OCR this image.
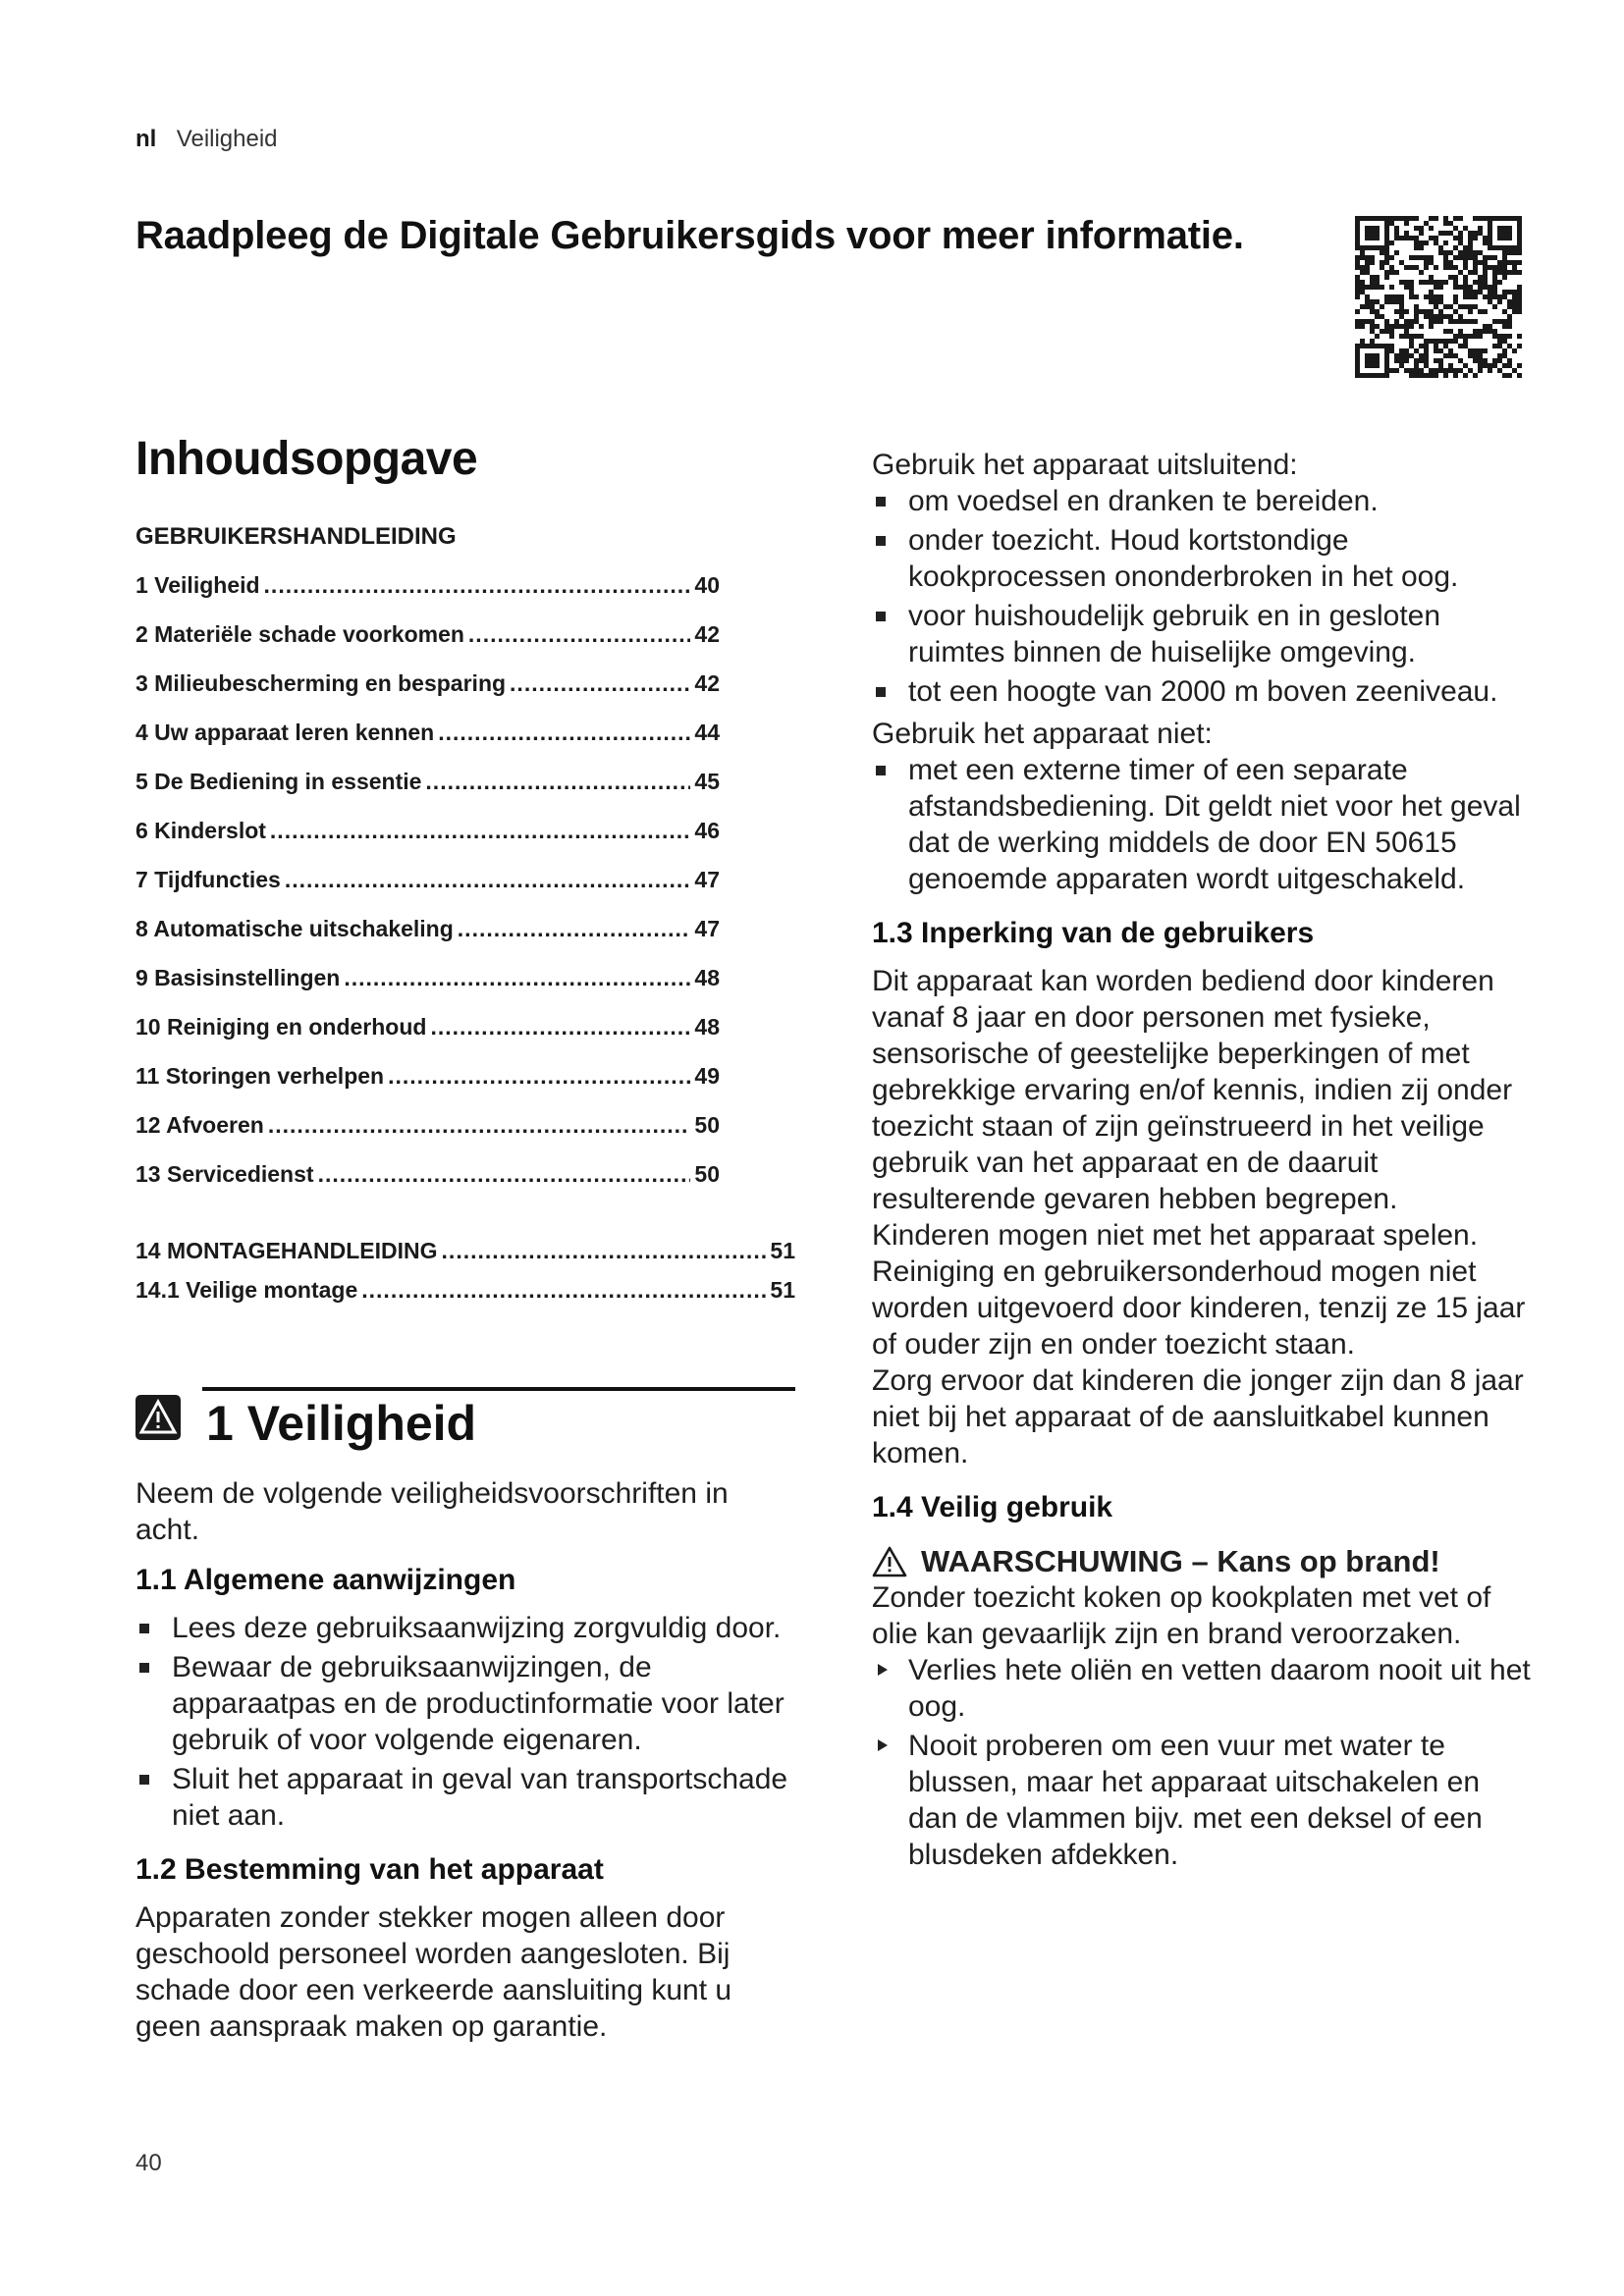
nl Veiligheid
Raadpleeg de Digitale Gebruikersgids voor meer informatie.
Inhoudsopgave
GEBRUIKERSHANDLEIDING
1 Veiligheid .....	40
2 Materiële schade voorkomen .....	42
3 Milieubescherming en besparing .....	42
4 Uw apparaat leren kennen .....	44
5 De Bediening in essentie .....	45
6 Kinderslot .....	46
7 Tijdfuncties .....	47
8 Automatische uitschakeling .....	47
9 Basisinstellingen .....	48
10 Reiniging en onderhoud .....	48
11 Storingen verhelpen .....	49
12 Afvoeren .....	50
13 Servicedienst .....	50
14 MONTAGEHANDLEIDING .....	51
14.1 Veilige montage .....	51
1 Veiligheid

Neem de volgende veiligheidsvoorschriften in acht.

1.1 Algemene aanwijzingen
Lees deze gebruiksaanwijzing zorgvuldig door.
Bewaar de gebruiksaanwijzingen, de apparaatpas en de productinformatie voor later gebruik of voor volgende eigenaren.
Sluit het apparaat in geval van transportschade niet aan.
1.2 Bestemming van het apparaat

Apparaten zonder stekker mogen alleen door geschoold personeel worden aangesloten. Bij schade door een verkeerde aansluiting kunt u geen aanspraak maken op garantie.

Gebruik het apparaat uitsluitend:

om voedsel en dranken te bereiden.
onder toezicht. Houd kortstondige kookprocessen ononderbroken in het oog.
voor huishoudelijk gebruik en in gesloten ruimtes binnen de huiselijke omgeving.
tot een hoogte van 2000 m boven zeeniveau.

Gebruik het apparaat niet:

met een externe timer of een separate afstandsbediening. Dit geldt niet voor het geval dat de werking middels de door EN 50615 genoemde apparaten wordt uitgeschakeld.
1.3 Inperking van de gebruikers

Dit apparaat kan worden bediend door kinderen vanaf 8 jaar en door personen met fysieke, sensorische of geestelijke beperkingen of met gebrekkige ervaring en/of kennis, indien zij onder toezicht staan of zijn geïnstrueerd in het veilige gebruik van het apparaat en de daaruit resulterende gevaren hebben begrepen.

Kinderen mogen niet met het apparaat spelen.

Reiniging en gebruikersonderhoud mogen niet worden uitgevoerd door kinderen, tenzij ze 15 jaar of ouder zijn en onder toezicht staan.

Zorg ervoor dat kinderen die jonger zijn dan 8 jaar niet bij het apparaat of de aansluitkabel kunnen komen.

1.4 Veilig gebruik
WAARSCHUWING – Kans op brand!

Zonder toezicht koken op kookplaten met vet of olie kan gevaarlijk zijn en brand veroorzaken.

Verlies hete oliën en vetten daarom nooit uit het oog.
Nooit proberen om een vuur met water te blussen, maar het apparaat uitschakelen en dan de vlammen bijv. met een deksel of een blusdeken afdekken.
40
